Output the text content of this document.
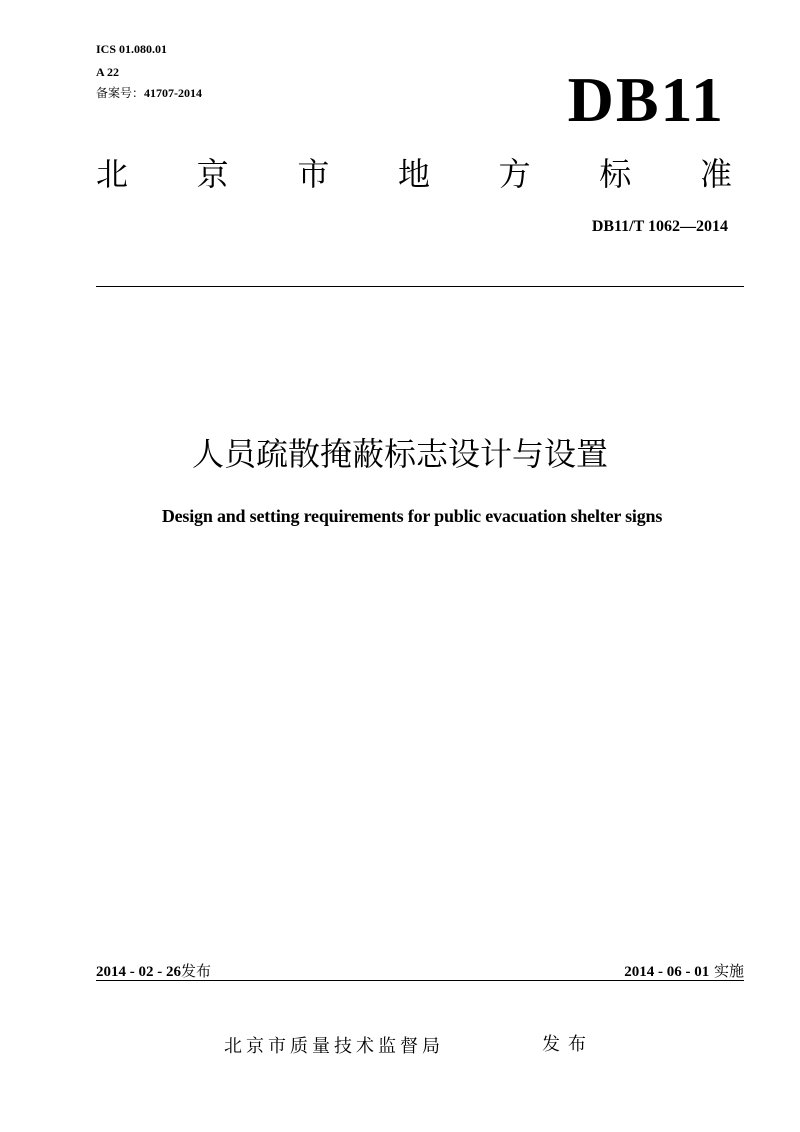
ICS 01.080.01
A 22
备案号：41707-2014	DB11
北 京 市 地 方 标 准
DB11/T 1062—2014
人员疏散掩蔽标志设计与设置
Design and setting requirements for public evacuation shelter signs
2014 - 02 - 26发布	2014 - 06 - 01 实施
北京市质量技术监督局	发布
